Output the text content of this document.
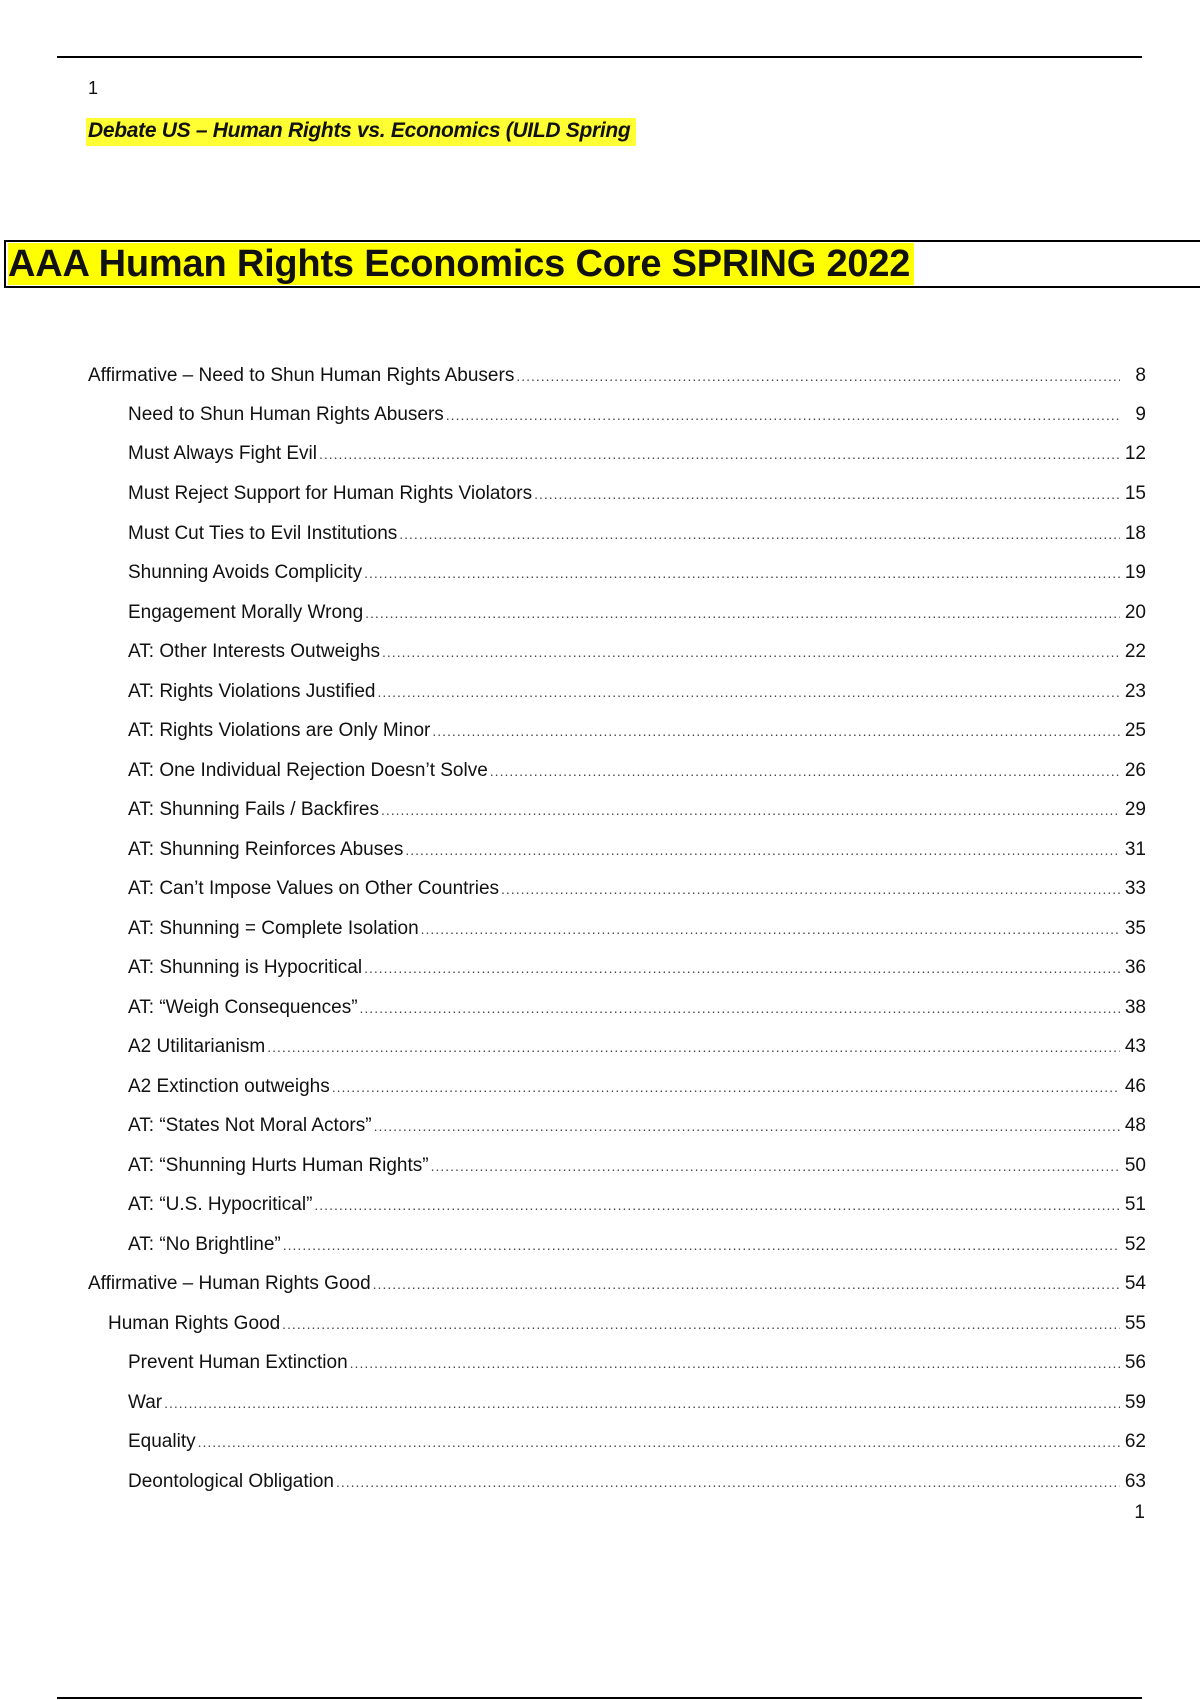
1
Debate US – Human Rights vs. Economics (UILD Spring
AAA Human Rights Economics Core SPRING 2022
Affirmative – Need to Shun Human Rights Abusers .....	8
Need to Shun Human Rights Abusers .....	9
Must Always Fight Evil .....	12
Must Reject Support for Human Rights Violators .....	15
Must Cut Ties to Evil Institutions .....	18
Shunning Avoids Complicity .....	19
Engagement Morally Wrong .....	20
AT: Other Interests Outweighs .....	22
AT: Rights Violations Justified .....	23
AT: Rights Violations are Only Minor .....	25
AT: One Individual Rejection Doesn’t Solve .....	26
AT: Shunning Fails / Backfires .....	29
AT: Shunning Reinforces Abuses .....	31
AT: Can’t Impose Values on Other Countries .....	33
AT: Shunning = Complete Isolation .....	35
AT: Shunning is Hypocritical .....	36
AT: “Weigh Consequences” .....	38
A2 Utilitarianism .....	43
A2 Extinction outweighs .....	46
AT: “States Not Moral Actors” .....	48
AT: “Shunning Hurts Human Rights” .....	50
AT: “U.S. Hypocritical” .....	51
AT: “No Brightline” .....	52
Affirmative – Human Rights Good .....	54
Human Rights Good .....	55
Prevent Human Extinction .....	56
War .....	59
Equality .....	62
Deontological Obligation .....	63
1
